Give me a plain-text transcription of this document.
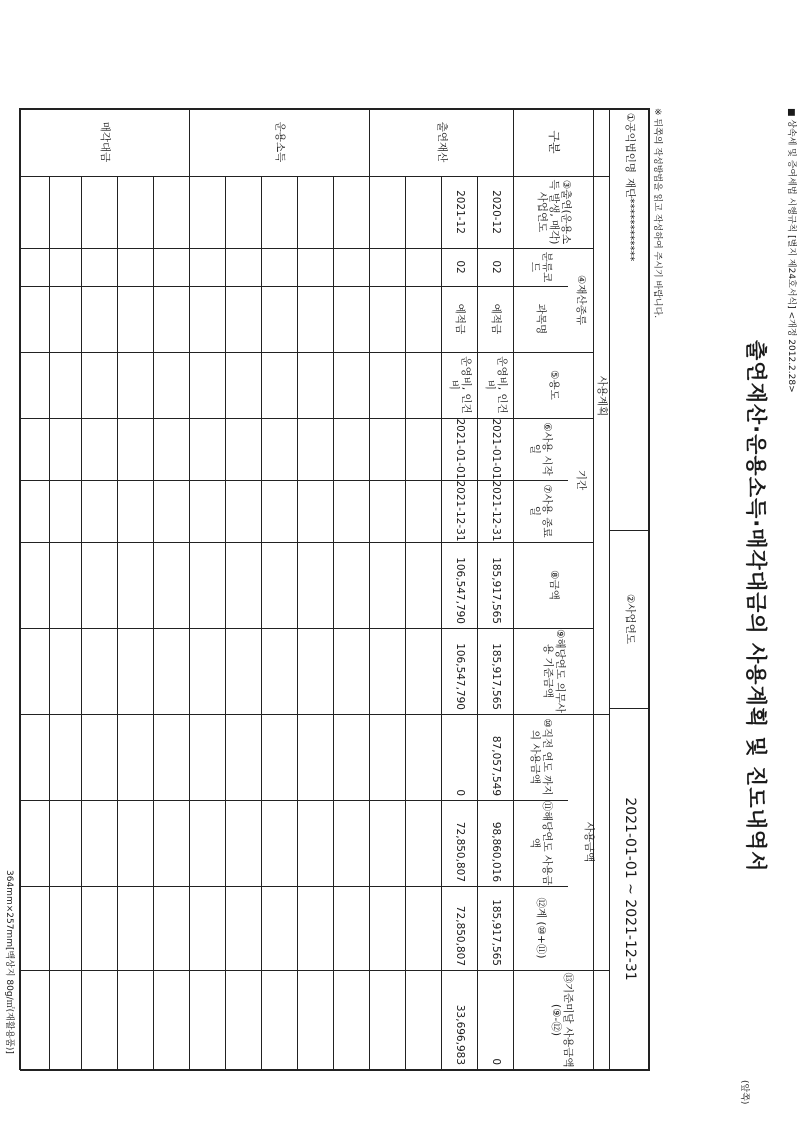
■ 상속세 및 증여세법 시행규칙 [별지 제24호서식] <개정 2012.2.28>
(앞쪽)
출연재산·운용소득·매각대금의 사용계획 및 진도내역서
※ 뒤쪽의 작성방법을 읽고 작성하여 주시기 바랍니다.
①공익법인명
재단************
②사업연도
2021-01-01 ~ 2021-12-31
구분
사용계획
③출연(운용소득 발생, 매각) 사업연도
④재산종류
분류코드
과목명
⑤용도
기간
⑥사용 시작일
⑦사용 종료일
⑧금액
⑨해당연도 의무사용 기준금액
사용금액
⑩직전 연도 까지의 사용금액
⑪해당연도 사용금액
⑫계 (⑩+⑪)
⑬기준미달 사용금액 (⑨-⑫)
출연재산
운용소득
매각대금
2020-12
02
예적금
운영비, 인건비
2021-01-01
2021-12-31
185,917,565
185,917,565
87,057,549
98,860,016
185,917,565
0
2021-12
02
예적금
운영비, 인건비
2021-01-01
2021-12-31
106,547,790
106,547,790
0
72,850,807
72,850,807
33,696,983
364mm×257mm[백상지 80g/㎡(재활용품)]
